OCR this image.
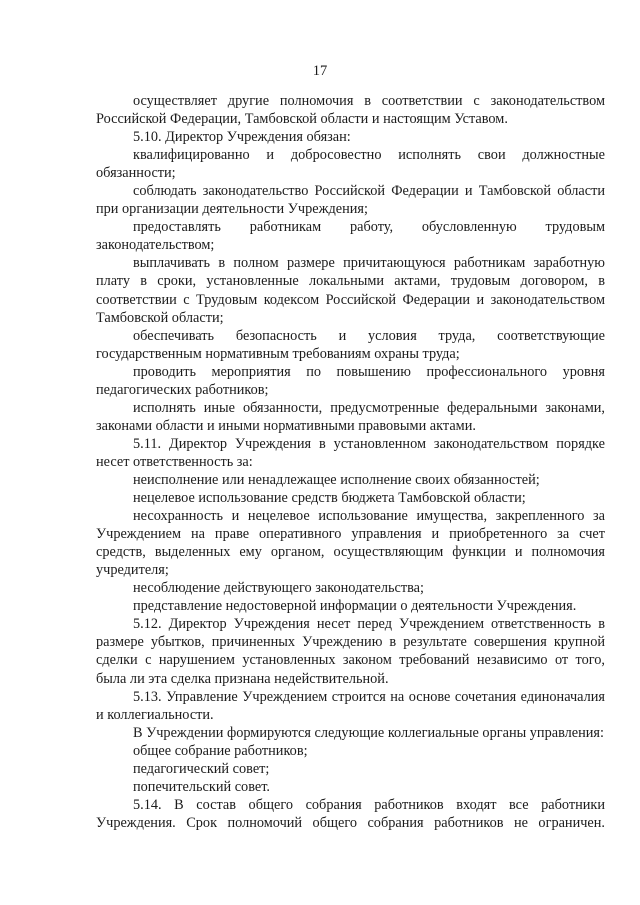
17

осуществляет другие полномочия в соответствии с законодательством Российской Федерации, Тамбовской области и настоящим Уставом.

5.10. Директор Учреждения обязан:

квалифицированно и добросовестно исполнять свои должностные обязанности;

соблюдать законодательство Российской Федерации и Тамбовской области при организации деятельности Учреждения;

предоставлять работникам работу, обусловленную трудовым законодательством;

выплачивать в полном размере причитающуюся работникам заработную плату в сроки, установленные локальными актами, трудовым договором, в соответствии с Трудовым кодексом Российской Федерации и законодательством Тамбовской области;

обеспечивать безопасность и условия труда, соответствующие государственным нормативным требованиям охраны труда;

проводить мероприятия по повышению профессионального уровня педагогических работников;

исполнять иные обязанности, предусмотренные федеральными законами, законами области и иными нормативными правовыми актами.

5.11. Директор Учреждения в установленном законодательством порядке несет ответственность за:

неисполнение или ненадлежащее исполнение своих обязанностей;

нецелевое использование средств бюджета Тамбовской области;

несохранность и нецелевое использование имущества, закрепленного за Учреждением на праве оперативного управления и приобретенного за счет средств, выделенных ему органом, осуществляющим функции и полномочия учредителя;

несоблюдение действующего законодательства;

представление недостоверной информации о деятельности Учреждения.

5.12. Директор Учреждения несет перед Учреждением ответственность в размере убытков, причиненных Учреждению в результате совершения крупной сделки с нарушением установленных законом требований независимо от того, была ли эта сделка признана недействительной.

5.13. Управление Учреждением строится на основе сочетания единоначалия и коллегиальности.

В Учреждении формируются следующие коллегиальные органы управления:

общее собрание работников;

педагогический совет;

попечительский совет.

5.14. В состав общего собрания работников входят все работники Учреждения. Срок полномочий общего собрания работников не ограничен.
